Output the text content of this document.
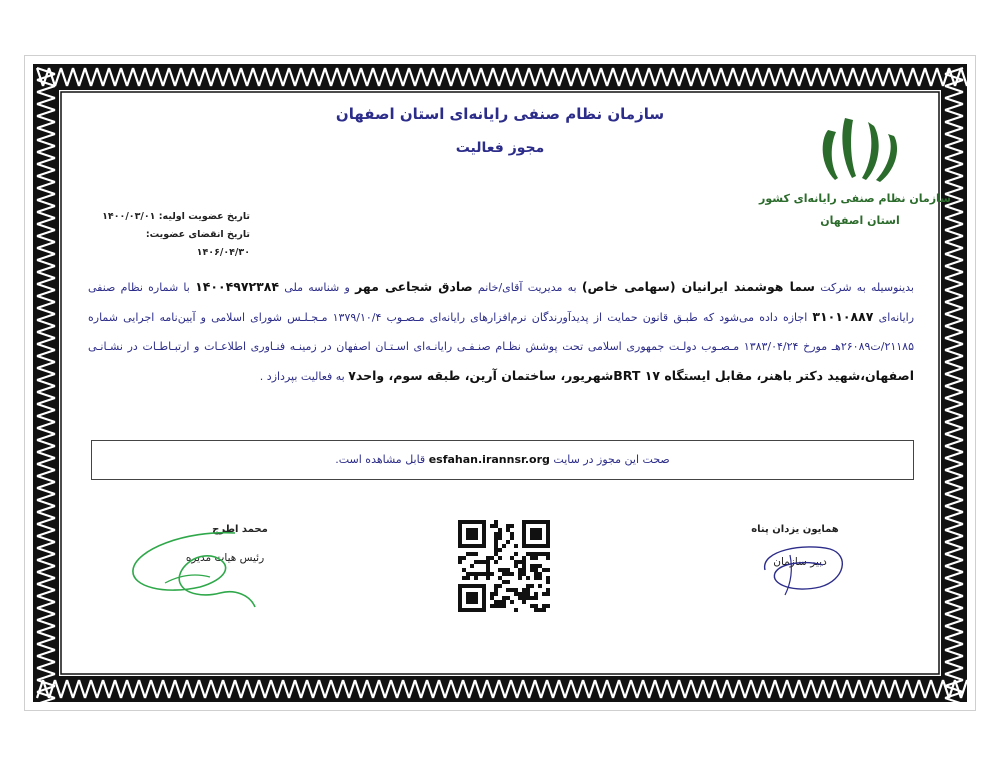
سازمان نظام صنفی رایانه‌ای استان اصفهان
مجوز فعالیت
سازمان نظام صنفی رایانه‌ای کشور
استان اصفهان
تاریخ عضویت اولیه: ۱۴۰۰/۰۳/۰۱
تاریخ انقضای عضویت: ۱۴۰۶/۰۴/۳۰
بدینوسیله به شرکت سما هوشمند ایرانیان (سهامی خاص) به مدیریت آقای/خانم صادق شجاعی مهر و شناسه ملی ۱۴۰۰۴۹۷۲۳۸۴ با شماره نظام صنفی رایانه‌ای ۳۱۰۱۰۸۸۷ اجازه داده می‌شود که طبـق قانون حمایت از پدیدآورندگان نرم‌افزارهای رایانه‌ای مـصـوب ۱۳۷۹/۱۰/۴ مـجـلـس شورای اسلامی و آیین‌نامه اجرایی شماره ۲۱۱۸۵/ت۲۶۰۸۹هـ مورخ ۱۳۸۳/۰۴/۲۴ مـصـوب دولـت جمهوری اسلامی تحت پوشش نظـام صنـفـی رایانـه‌ای اسـتـان اصفهان در زمینـه فنـاوری اطلاعـات و ارتبـاطـات در نشـانـی اصفهان،شهید دکتر باهنر، مقابل ایستگاه BRT ۱۷شهریور، ساختمان آرین، طبقه سوم، واحد۷ به فعالیت بپردازد .
صحت این مجوز در سایت esfahan.irannsr.org قابل مشاهده است.
محمد اطرج
رئیس هیات مدیره
همایون یزدان پناه
دبیر سازمان
